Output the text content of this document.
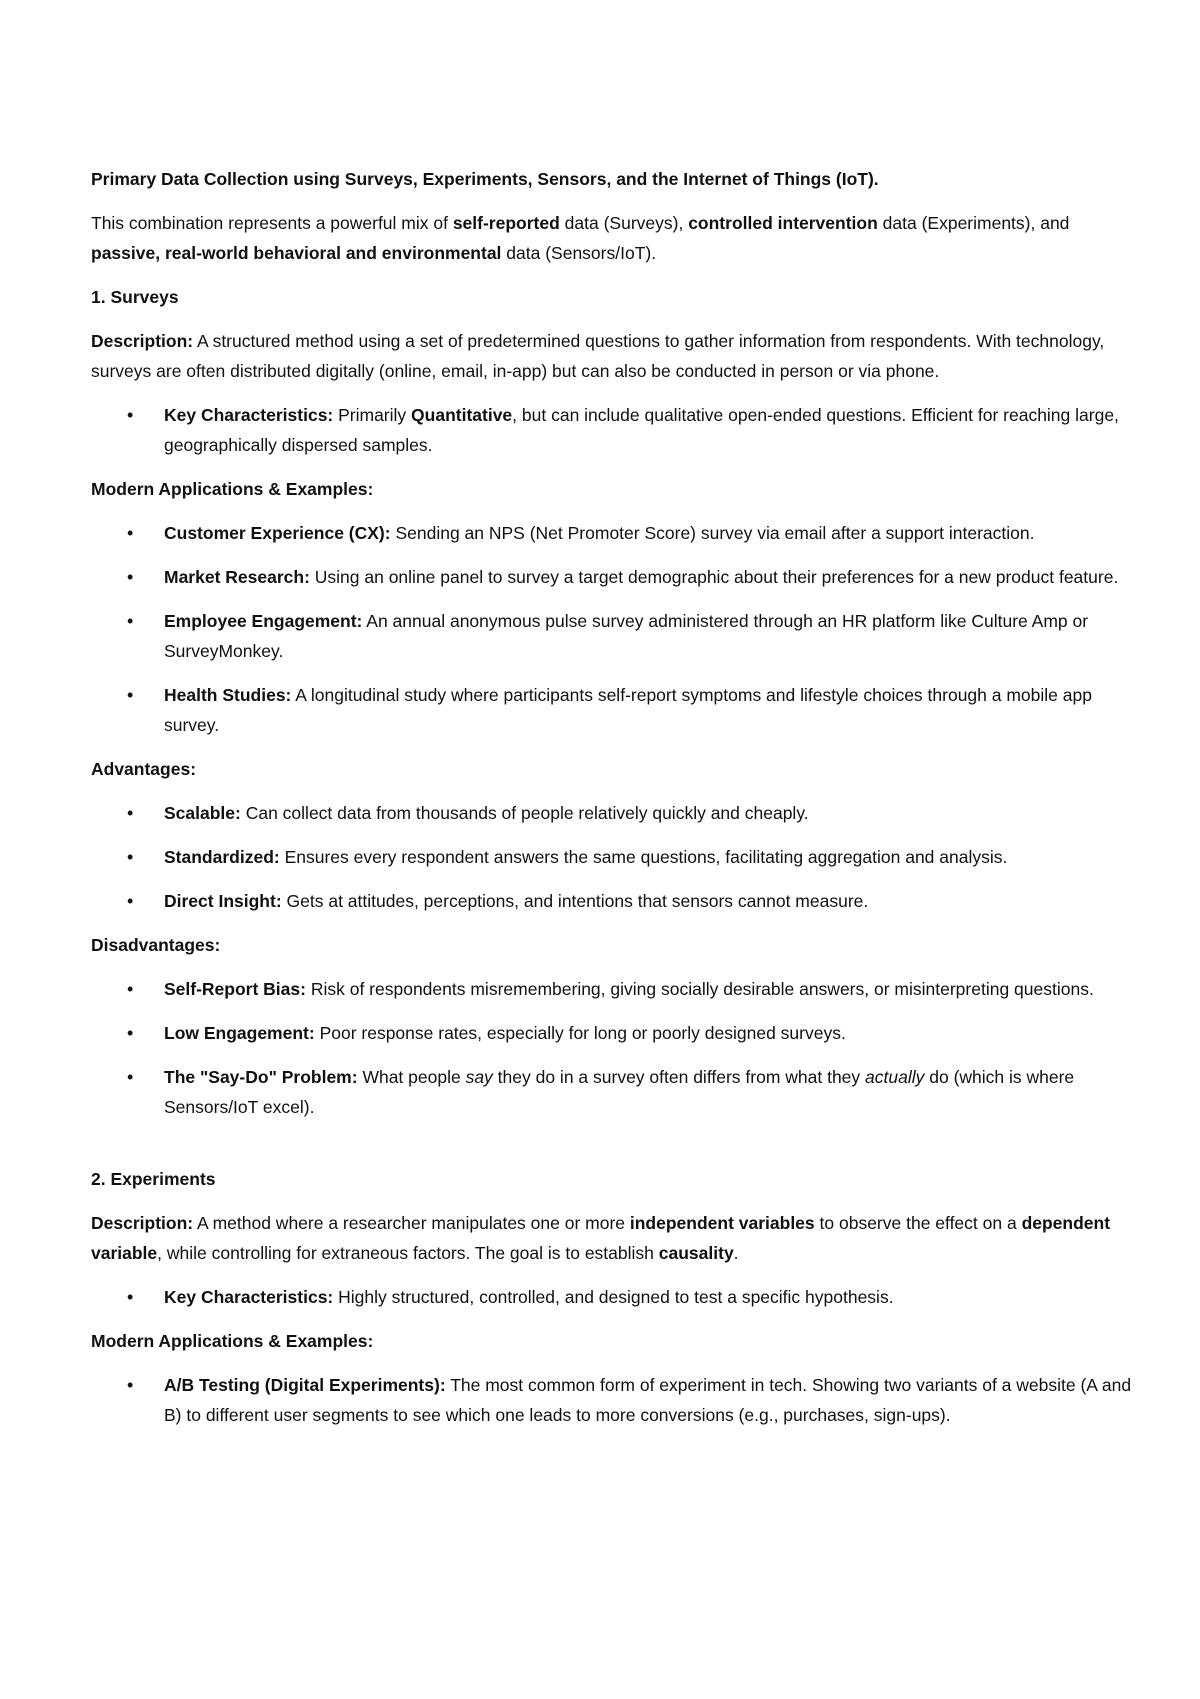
Primary Data Collection using Surveys, Experiments, Sensors, and the Internet of Things (IoT).

This combination represents a powerful mix of self-reported data (Surveys), controlled intervention data (Experiments), and passive, real-world behavioral and environmental data (Sensors/IoT).

1. Surveys

Description: A structured method using a set of predetermined questions to gather information from respondents. With technology, surveys are often distributed digitally (online, email, in-app) but can also be conducted in person or via phone.

•	Key Characteristics: Primarily Quantitative, but can include qualitative open-ended questions. Efficient for reaching large, geographically dispersed samples.

Modern Applications & Examples:

•	Customer Experience (CX): Sending an NPS (Net Promoter Score) survey via email after a support interaction.
•	Market Research: Using an online panel to survey a target demographic about their preferences for a new product feature.
•	Employee Engagement: An annual anonymous pulse survey administered through an HR platform like Culture Amp or SurveyMonkey.
•	Health Studies: A longitudinal study where participants self-report symptoms and lifestyle choices through a mobile app survey.

Advantages:

•	Scalable: Can collect data from thousands of people relatively quickly and cheaply.
•	Standardized: Ensures every respondent answers the same questions, facilitating aggregation and analysis.
•	Direct Insight: Gets at attitudes, perceptions, and intentions that sensors cannot measure.

Disadvantages:

•	Self-Report Bias: Risk of respondents misremembering, giving socially desirable answers, or misinterpreting questions.
•	Low Engagement: Poor response rates, especially for long or poorly designed surveys.
•	The "Say-Do" Problem: What people say they do in a survey often differs from what they actually do (which is where Sensors/IoT excel).

2. Experiments

Description: A method where a researcher manipulates one or more independent variables to observe the effect on a dependent variable, while controlling for extraneous factors. The goal is to establish causality.

•	Key Characteristics: Highly structured, controlled, and designed to test a specific hypothesis.

Modern Applications & Examples:

•	A/B Testing (Digital Experiments): The most common form of experiment in tech. Showing two variants of a website (A and B) to different user segments to see which one leads to more conversions (e.g., purchases, sign-ups).
